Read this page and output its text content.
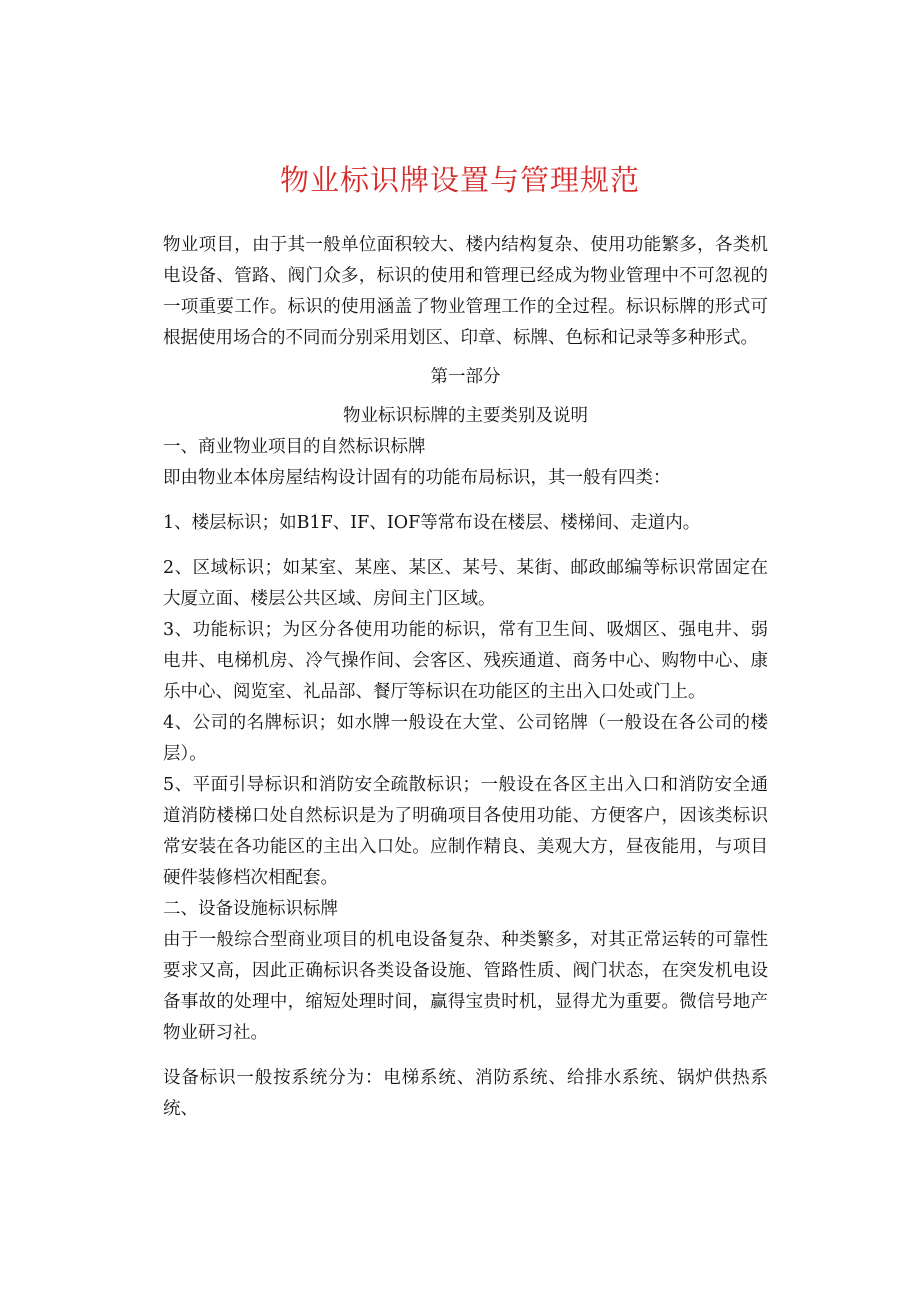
物业标识牌设置与管理规范

物业项目，由于其一般单位面积较大、楼内结构复杂、使用功能繁多，各类机电设备、管路、阀门众多，标识的使用和管理已经成为物业管理中不可忽视的一项重要工作。标识的使用涵盖了物业管理工作的全过程。标识标牌的形式可根据使用场合的不同而分别采用划区、印章、标牌、色标和记录等多种形式。

第一部分

物业标识标牌的主要类别及说明

一、商业物业项目的自然标识标牌

即由物业本体房屋结构设计固有的功能布局标识，其一般有四类：

1、楼层标识；如B1F、IF、IOF等常布设在楼层、楼梯间、走道内。

2、区域标识；如某室、某座、某区、某号、某街、邮政邮编等标识常固定在大厦立面、楼层公共区域、房间主门区域。

3、功能标识；为区分各使用功能的标识，常有卫生间、吸烟区、强电井、弱电井、电梯机房、冷气操作间、会客区、残疾通道、商务中心、购物中心、康乐中心、阅览室、礼品部、餐厅等标识在功能区的主出入口处或门上。

4、公司的名牌标识；如水牌一般设在大堂、公司铭牌（一般设在各公司的楼层）。

5、平面引导标识和消防安全疏散标识；一般设在各区主出入口和消防安全通道消防楼梯口处自然标识是为了明确项目各使用功能、方便客户，因该类标识常安装在各功能区的主出入口处。应制作精良、美观大方，昼夜能用，与项目硬件装修档次相配套。

二、设备设施标识标牌

由于一般综合型商业项目的机电设备复杂、种类繁多，对其正常运转的可靠性要求又高，因此正确标识各类设备设施、管路性质、阀门状态，在突发机电设备事故的处理中，缩短处理时间，赢得宝贵时机，显得尤为重要。微信号地产物业研习社。

设备标识一般按系统分为：电梯系统、消防系统、给排水系统、锅炉供热系统、
